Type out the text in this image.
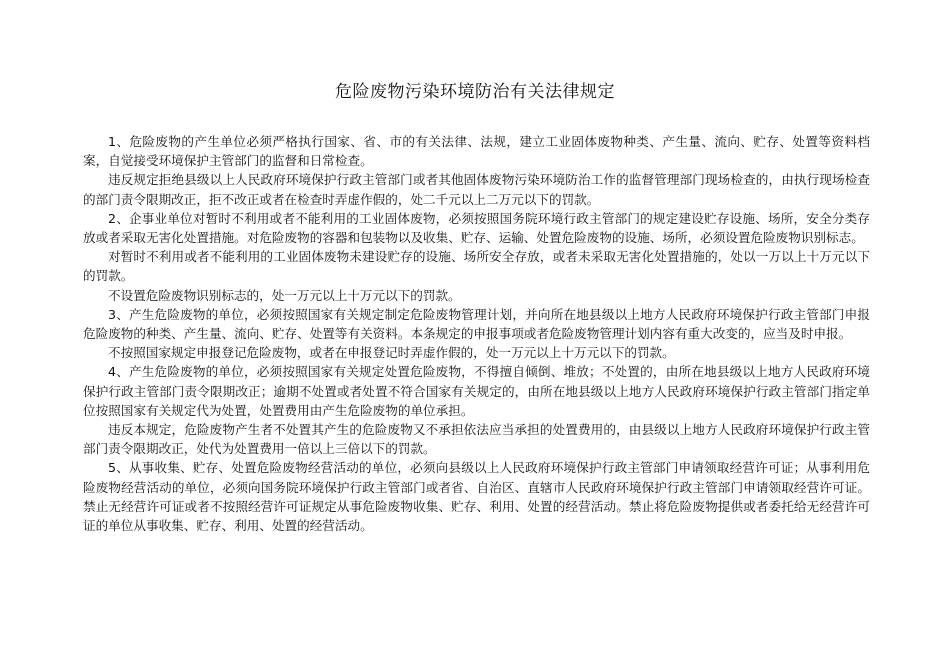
危险废物污染环境防治有关法律规定

1、危险废物的产生单位必须严格执行国家、省、市的有关法律、法规，建立工业固体废物种类、产生量、流向、贮存、处置等资料档案，自觉接受环境保护主管部门的监督和日常检查。

违反规定拒绝县级以上人民政府环境保护行政主管部门或者其他固体废物污染环境防治工作的监督管理部门现场检查的，由执行现场检查的部门责令限期改正，拒不改正或者在检查时弄虚作假的，处二千元以上二万元以下的罚款。

2、企事业单位对暂时不利用或者不能利用的工业固体废物，必须按照国务院环境行政主管部门的规定建设贮存设施、场所，安全分类存放或者采取无害化处置措施。对危险废物的容器和包装物以及收集、贮存、运输、处置危险废物的设施、场所，必须设置危险废物识别标志。

对暂时不利用或者不能利用的工业固体废物未建设贮存的设施、场所安全存放，或者未采取无害化处置措施的，处以一万以上十万元以下的罚款。

不设置危险废物识别标志的，处一万元以上十万元以下的罚款。

3、产生危险废物的单位，必须按照国家有关规定制定危险废物管理计划，并向所在地县级以上地方人民政府环境保护行政主管部门申报危险废物的种类、产生量、流向、贮存、处置等有关资料。本条规定的申报事项或者危险废物管理计划内容有重大改变的，应当及时申报。

不按照国家规定申报登记危险废物，或者在申报登记时弄虚作假的，处一万元以上十万元以下的罚款。

4、产生危险废物的单位，必须按照国家有关规定处置危险废物，不得擅自倾倒、堆放；不处置的，由所在地县级以上地方人民政府环境保护行政主管部门责令限期改正；逾期不处置或者处置不符合国家有关规定的，由所在地县级以上地方人民政府环境保护行政主管部门指定单位按照国家有关规定代为处置，处置费用由产生危险废物的单位承担。

违反本规定，危险废物产生者不处置其产生的危险废物又不承担依法应当承担的处置费用的，由县级以上地方人民政府环境保护行政主管部门责令限期改正，处代为处置费用一倍以上三倍以下的罚款。

5、从事收集、贮存、处置危险废物经营活动的单位，必须向县级以上人民政府环境保护行政主管部门申请领取经营许可证；从事利用危险废物经营活动的单位，必须向国务院环境保护行政主管部门或者省、自治区、直辖市人民政府环境保护行政主管部门申请领取经营许可证。禁止无经营许可证或者不按照经营许可证规定从事危险废物收集、贮存、利用、处置的经营活动。禁止将危险废物提供或者委托给无经营许可证的单位从事收集、贮存、利用、处置的经营活动。
